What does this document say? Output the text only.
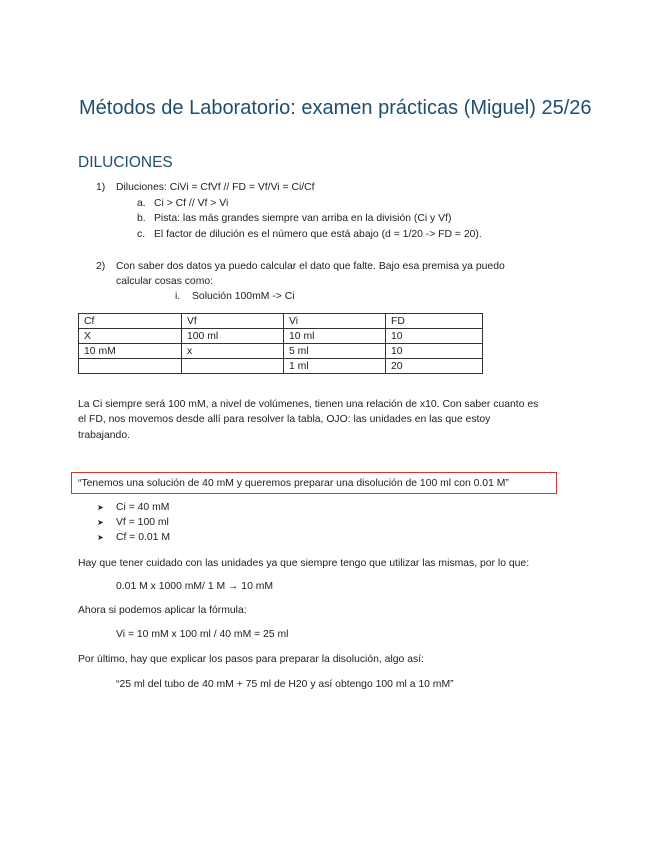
Métodos de Laboratorio: examen prácticas (Miguel) 25/26
DILUCIONES
1) Diluciones: CiVi = CfVf // FD = Vf/Vi = Ci/Cf
a. Ci > Cf // Vf > Vi
b. Pista: las más grandes siempre van arriba en la división (Ci y Vf)
c. El factor de dilución es el número que está abajo (d = 1/20 -> FD = 20).
2) Con saber dos datos ya puedo calcular el dato que falte. Bajo esa premisa ya puedo
calcular cosas como:
i. Solución 100mM -> Ci
Cf	Vf	Vi	FD
X	100 ml	10 ml	10
10 mM	x	5 ml	10
		1 ml	20
La Ci siempre será 100 mM, a nivel de volúmenes, tienen una relación de x10. Con saber cuanto es
el FD, nos movemos desde allí para resolver la tabla, OJO: las unidades en las que estoy
trabajando.
“Tenemos una solución de 40 mM y queremos preparar una disolución de 100 ml con 0.01 M”
➤ Ci = 40 mM
➤ Vf = 100 ml
➤ Cf = 0.01 M
Hay que tener cuidado con las unidades ya que siempre tengo que utilizar las mismas, por lo que:
0.01 M x 1000 mM/ 1 M → 10 mM
Ahora si podemos aplicar la fórmula:
Vi = 10 mM x 100 ml / 40 mM = 25 ml
Por último, hay que explicar los pasos para preparar la disolución, algo así:
“25 ml del tubo de 40 mM + 75 ml de H20 y así obtengo 100 ml a 10 mM”
